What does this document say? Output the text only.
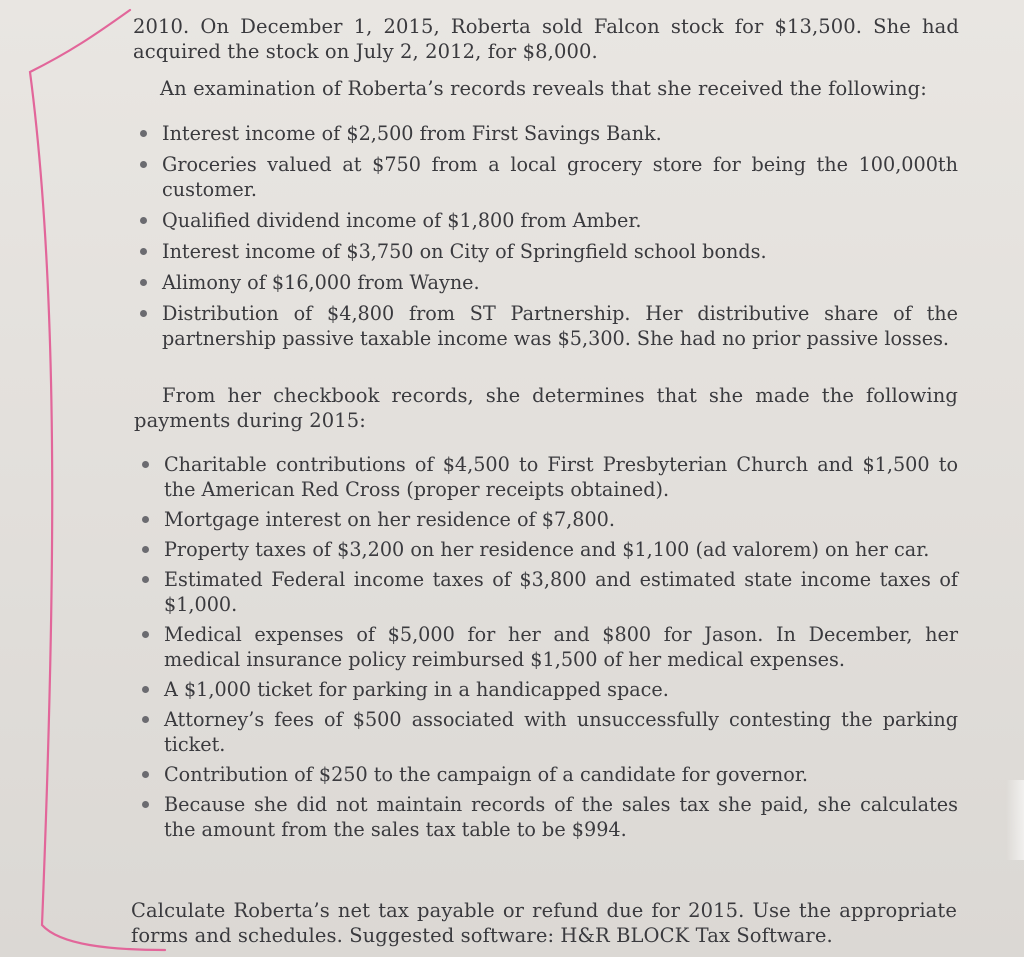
2010. On December 1, 2015, Roberta sold Falcon stock for $13,500. She had acquired the stock on July 2, 2012, for $8,000.
An examination of Roberta’s records reveals that she received the following:
Interest income of $2,500 from First Savings Bank.
Groceries valued at $750 from a local grocery store for being the 100,000th customer.
Qualified dividend income of $1,800 from Amber.
Interest income of $3,750 on City of Springfield school bonds.
Alimony of $16,000 from Wayne.
Distribution of $4,800 from ST Partnership. Her distributive share of the partnership passive taxable income was $5,300. She had no prior passive losses.
From her checkbook records, she determines that she made the following payments during 2015:
Charitable contributions of $4,500 to First Presbyterian Church and $1,500 to the American Red Cross (proper receipts obtained).
Mortgage interest on her residence of $7,800.
Property taxes of $3,200 on her residence and $1,100 (ad valorem) on her car.
Estimated Federal income taxes of $3,800 and estimated state income taxes of $1,000.
Medical expenses of $5,000 for her and $800 for Jason. In December, her medical insurance policy reimbursed $1,500 of her medical expenses.
A $1,000 ticket for parking in a handicapped space.
Attorney’s fees of $500 associated with unsuccessfully contesting the parking ticket.
Contribution of $250 to the campaign of a candidate for governor.
Because she did not maintain records of the sales tax she paid, she calculates the amount from the sales tax table to be $994.
Calculate Roberta’s net tax payable or refund due for 2015. Use the appropriate forms and schedules. Suggested software: H&R BLOCK Tax Software.
